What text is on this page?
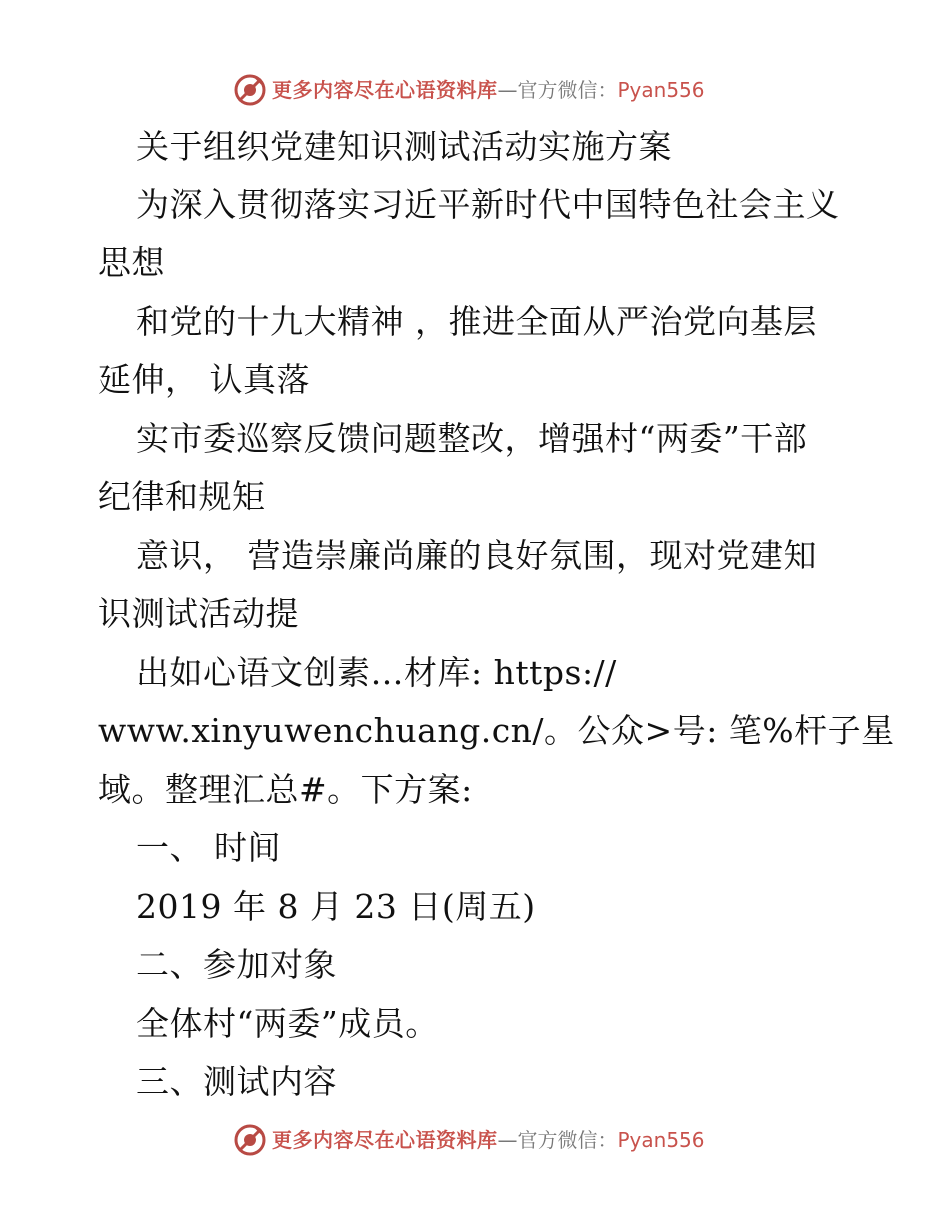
更多内容尽在心语资料库—官方微信：Pyan556
关于组织党建知识测试活动实施方案
为深入贯彻落实习近平新时代中国特色社会主义
思想
和党的十九大精神 ，推进全面从严治党向基层
延伸， 认真落
实市委巡察反馈问题整改，增强村“两委”干部
纪律和规矩
意识， 营造崇廉尚廉的良好氛围，现对党建知
识测试活动提
出如心语文创素…材库: https://
www.xinyuwenchuang.cn/。公众>号: 笔%杆子星
域。整理汇总#。下方案:
一、 时间
2019 年 8 月 23 日(周五)
二、参加对象
全体村“两委”成员。
三、测试内容
更多内容尽在心语资料库—官方微信：Pyan556
